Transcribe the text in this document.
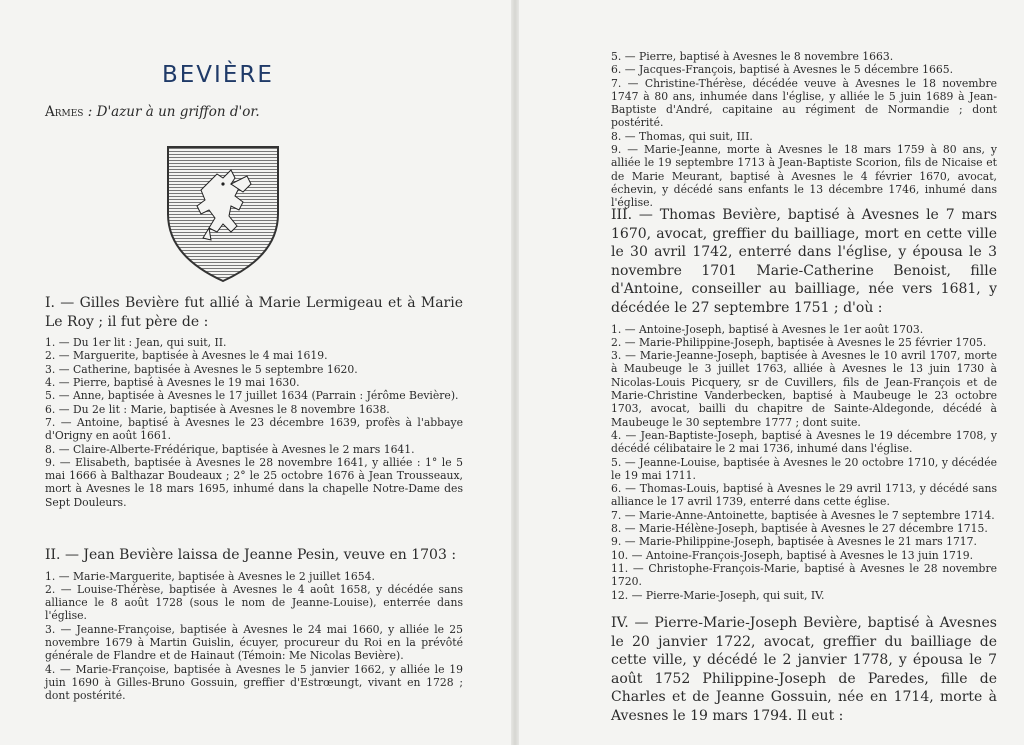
BEVIÈRE
Armes : D'azur à un griffon d'or.

I. — Gilles Bevière fut allié à Marie Lermigeau et à Marie Le Roy ; il fut père de :

1. — Du 1er lit : Jean, qui suit, II.

2. — Marguerite, baptisée à Avesnes le 4 mai 1619.

3. — Catherine, baptisée à Avesnes le 5 septembre 1620.

4. — Pierre, baptisé à Avesnes le 19 mai 1630.

5. — Anne, baptisée à Avesnes le 17 juillet 1634 (Parrain : Jérôme Bevière).

6. — Du 2e lit : Marie, baptisée à Avesnes le 8 novembre 1638.

7. — Antoine, baptisé à Avesnes le 23 décembre 1639, profès à l'abbaye d'Origny en août 1661.

8. — Claire-Alberte-Frédérique, baptisée à Avesnes le 2 mars 1641.

9. — Elisabeth, baptisée à Avesnes le 28 novembre 1641, y alliée : 1° le 5 mai 1666 à Balthazar Boudeaux ; 2° le 25 octobre 1676 à Jean Trousseaux, mort à Avesnes le 18 mars 1695, inhumé dans la chapelle Notre-Dame des Sept Douleurs.

II. — Jean Bevière laissa de Jeanne Pesin, veuve en 1703 :

1. — Marie-Marguerite, baptisée à Avesnes le 2 juillet 1654.

2. — Louise-Thérèse, baptisée à Avesnes le 4 août 1658, y décédée sans alliance le 8 août 1728 (sous le nom de Jeanne-Louise), enterrée dans l'église.

3. — Jeanne-Françoise, baptisée à Avesnes le 24 mai 1660, y alliée le 25 novembre 1679 à Martin Guislin, écuyer, procureur du Roi en la prévôté générale de Flandre et de Hainaut (Témoin: Me Nicolas Bevière).

4. — Marie-Françoise, baptisée à Avesnes le 5 janvier 1662, y alliée le 19 juin 1690 à Gilles-Bruno Gossuin, greffier d'Estrœungt, vivant en 1728 ; dont postérité.

5. — Pierre, baptisé à Avesnes le 8 novembre 1663.

6. — Jacques-François, baptisé à Avesnes le 5 décembre 1665.

7. — Christine-Thérèse, décédée veuve à Avesnes le 18 novembre 1747 à 80 ans, inhumée dans l'église, y alliée le 5 juin 1689 à Jean-Baptiste d'André, capitaine au régiment de Normandie ; dont postérité.

8. — Thomas, qui suit, III.

9. — Marie-Jeanne, morte à Avesnes le 18 mars 1759 à 80 ans, y alliée le 19 septembre 1713 à Jean-Baptiste Scorion, fils de Nicaise et de Marie Meurant, baptisé à Avesnes le 4 février 1670, avocat, échevin, y décédé sans enfants le 13 décembre 1746, inhumé dans l'église.

III. — Thomas Bevière, baptisé à Avesnes le 7 mars 1670, avocat, greffier du bailliage, mort en cette ville le 30 avril 1742, enterré dans l'église, y épousa le 3 novembre 1701 Marie-Catherine Benoist, fille d'Antoine, conseiller au bailliage, née vers 1681, y décédée le 27 septembre 1751 ; d'où :

1. — Antoine-Joseph, baptisé à Avesnes le 1er août 1703.

2. — Marie-Philippine-Joseph, baptisée à Avesnes le 25 février 1705.

3. — Marie-Jeanne-Joseph, baptisée à Avesnes le 10 avril 1707, morte à Maubeuge le 3 juillet 1763, alliée à Avesnes le 13 juin 1730 à Nicolas-Louis Picquery, sr de Cuvillers, fils de Jean-François et de Marie-Christine Vanderbecken, baptisé à Maubeuge le 23 octobre 1703, avocat, bailli du chapitre de Sainte-Aldegonde, décédé à Maubeuge le 30 septembre 1777 ; dont suite.

4. — Jean-Baptiste-Joseph, baptisé à Avesnes le 19 décembre 1708, y décédé célibataire le 2 mai 1736, inhumé dans l'église.

5. — Jeanne-Louise, baptisée à Avesnes le 20 octobre 1710, y décédée le 19 mai 1711.

6. — Thomas-Louis, baptisé à Avesnes le 29 avril 1713, y décédé sans alliance le 17 avril 1739, enterré dans cette église.

7. — Marie-Anne-Antoinette, baptisée à Avesnes le 7 septembre 1714.

8. — Marie-Hélène-Joseph, baptisée à Avesnes le 27 décembre 1715.

9. — Marie-Philippine-Joseph, baptisée à Avesnes le 21 mars 1717.

10. — Antoine-François-Joseph, baptisé à Avesnes le 13 juin 1719.

11. — Christophe-François-Marie, baptisé à Avesnes le 28 novembre 1720.

12. — Pierre-Marie-Joseph, qui suit, IV.

IV. — Pierre-Marie-Joseph Bevière, baptisé à Avesnes le 20 janvier 1722, avocat, greffier du bailliage de cette ville, y décédé le 2 janvier 1778, y épousa le 7 août 1752 Philippine-Joseph de Paredes, fille de Charles et de Jeanne Gossuin, née en 1714, morte à Avesnes le 19 mars 1794. Il eut :
